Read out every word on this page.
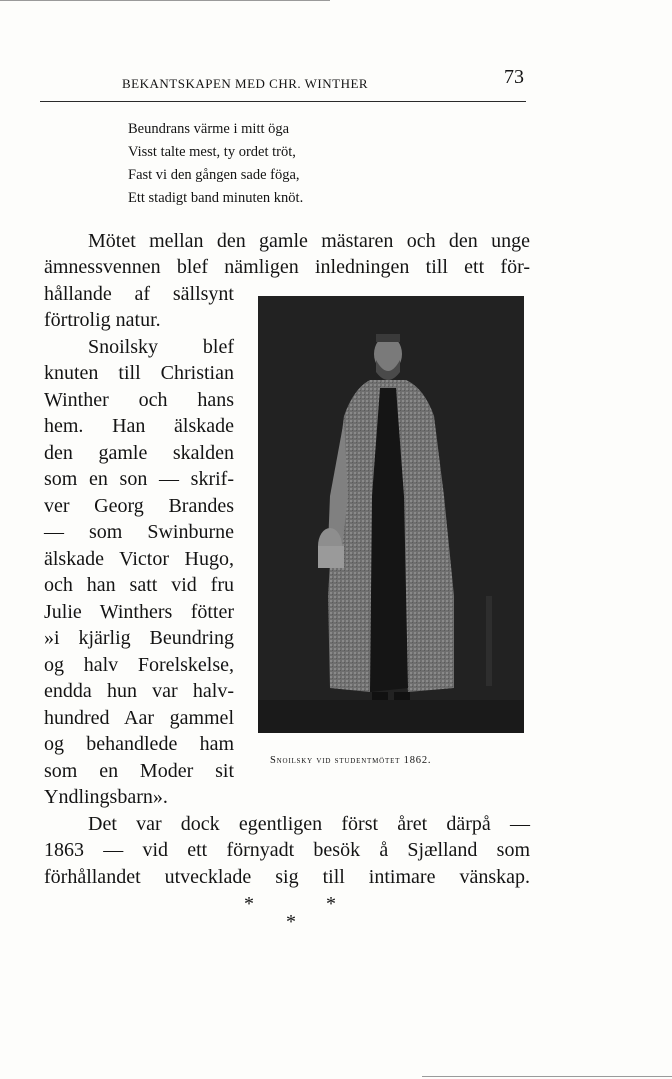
BEKANTSKAPEN MED CHR. WINTHER	73
Beundrans värme i mitt öga
Visst talte mest, ty ordet tröt,
Fast vi den gången sade föga,
Ett stadigt band minuten knöt.
Mötet mellan den gamle mästaren och den unge
ämnessvennen blef nämligen inledningen till ett för-
hållande af sällsynt
förtrolig natur.
Snoilsky blef
knuten till Christian
Winther och hans
hem. Han älskade
den gamle skalden
som en son — skrif-
ver Georg Brandes
— som Swinburne
älskade Victor Hugo,
och han satt vid fru
Julie Winthers fötter
»i kjärlig Beundring
og halv Forelskelse,
endda hun var halv-
hundred Aar gammel
og behandlede ham
som en Moder sit
Yndlingsbarn».
Det var dock egentligen först året därpå —
1863 — vid ett förnyadt besök å Sjælland som
förhållandet utvecklade sig till intimare vänskap.
Snoilsky vid studentmötet 1862.
*
*
*
